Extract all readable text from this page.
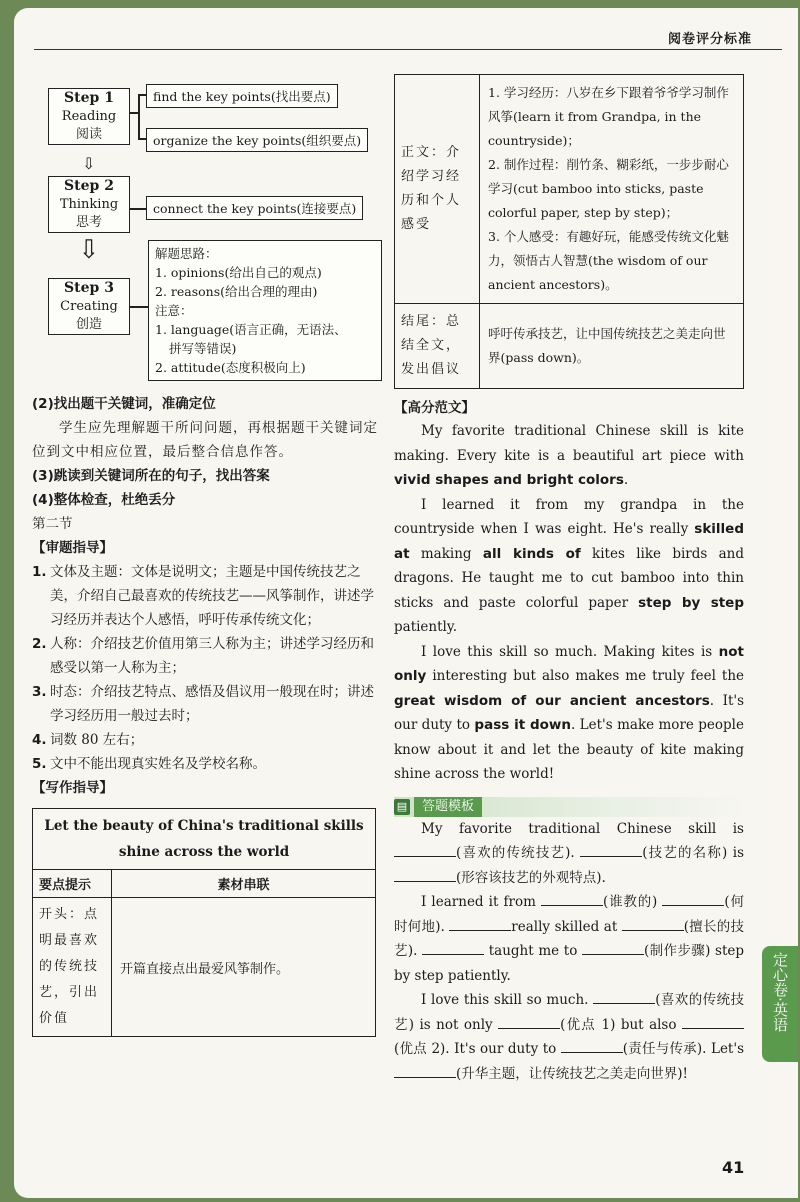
阅卷评分标准
Step 1
Reading
阅读
find the key points(找出要点)
organize the key points(组织要点)
⇩
Step 2
Thinking
思考
connect the key points(连接要点)
⇩
Step 3
Creating
创造
解题思路：
1. opinions(给出自己的观点)
2. reasons(给出合理的理由)
注意：
1. language(语言正确，无语法、
拼写等错误)
2. attitude(态度积极向上)

(2)找出题干关键词，准确定位

学生应先理解题干所问问题，再根据题干关键词定位到文中相应位置，最后整合信息作答。

(3)跳读到关键词所在的句子，找出答案

(4)整体检查，杜绝丢分

第二节

【审题指导】

1. 文体及主题：文体是说明文；主题是中国传统技艺之美，介绍自己最喜欢的传统技艺——风筝制作，讲述学习经历并表达个人感悟，呼吁传承传统文化；
2. 人称：介绍技艺价值用第三人称为主；讲述学习经历和感受以第一人称为主；
3. 时态：介绍技艺特点、感悟及倡议用一般现在时；讲述学习经历用一般过去时；
4. 词数 80 左右；
5. 文中不能出现真实姓名及学校名称。

【写作指导】

Let the beauty of China's traditional skills shine across the world	
要点提示	素材串联
开头：点明最喜欢的传统技艺，引出价值	开篇直接点出最爱风筝制作。
正文：介绍学习经历和个人感受	1. 学习经历：八岁在乡下跟着爷爷学习制作风筝(learn it from Grandpa, in the countryside)；
2. 制作过程：削竹条、糊彩纸，一步步耐心学习(cut bamboo into sticks, paste colorful paper, step by step)；
3. 个人感受：有趣好玩，能感受传统文化魅力，领悟古人智慧(the wisdom of our ancient ancestors)。

结尾：总结全文，发出倡议	呼吁传承技艺，让中国传统技艺之美走向世界(pass down)。
【高分范文】

My favorite traditional Chinese skill is kite making. Every kite is a beautiful art piece with vivid shapes and bright colors.

I learned it from my grandpa in the countryside when I was eight. He's really skilled at making all kinds of kites like birds and dragons. He taught me to cut bamboo into thin sticks and paste colorful paper step by step patiently.

I love this skill so much. Making kites is not only interesting but also makes me truly feel the great wisdom of our ancient ancestors. It's our duty to pass it down. Let's make more people know about it and let the beauty of kite making shine across the world!

▤	答题模板

My favorite traditional Chinese skill is (喜欢的传统技艺).	(技艺的名称) is (形容该技艺的外观特点).

I learned it from	(谁教的)	(何时何地).	really skilled at	(擅长的技艺).	taught me to	(制作步骤) step by step patiently.

I love this skill so much.	(喜欢的传统技艺) is not only	(优点 1) but also (优点 2). It's our duty to	(责任与传承). Let's (升华主题，让传统技艺之美走向世界)!

定心卷·英语
41
